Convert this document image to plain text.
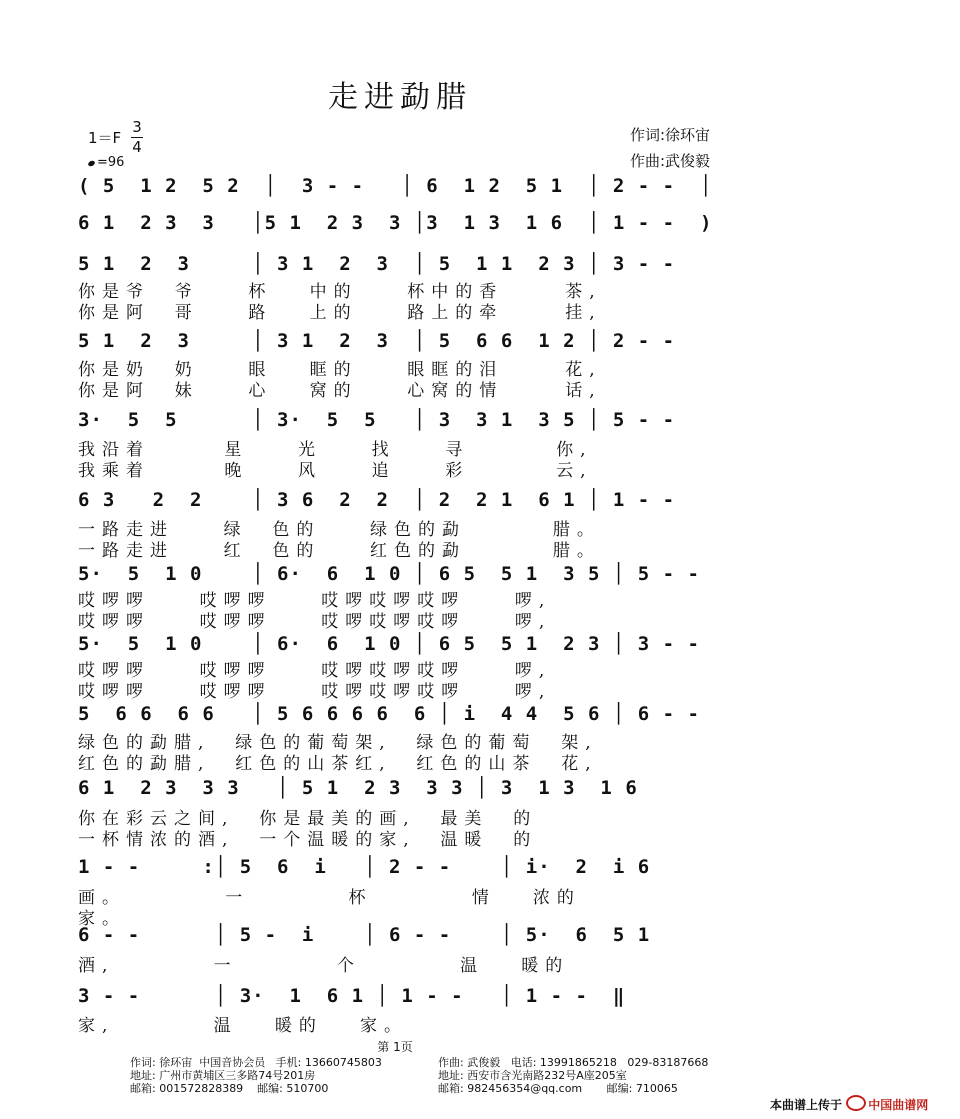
走进勐腊
1＝F
3
4
=96
作词:徐环宙
作曲:武俊毅
( 5  1 2  5 2  │  3 - -   │ 6  1 2  5 1  │ 2 - -  │
6 1  2 3  3   │5 1  2 3  3 │3  1 3  1 6  │ 1 - -  )
5 1  2  3     │ 3 1  2  3  │ 5  1 1  2 3 │ 3 - -
你是爷  爷    杯   中的    杯中的香     茶,
你是阿  哥    路   上的    路上的牵     挂,
5 1  2  3     │ 3 1  2  3  │ 5  6 6  1 2 │ 2 - -
你是奶  奶    眼   眶的    眼眶的泪     花,
你是阿  妹    心   窝的    心窝的情     话,
3·  5  5      │ 3·  5  5   │ 3  3 1  3 5 │ 5 - -
我沿着      星    光    找    寻       你,
我乘着      晚    风    追    彩       云,
6 3   2  2    │ 3 6  2  2  │ 2  2 1  6 1 │ 1 - -
一路走进    绿  色的    绿色的勐       腊。
一路走进    红  色的    红色的勐       腊。
5·  5  1 0    │ 6·  6  1 0 │ 6 5  5 1  3 5 │ 5 - -
哎啰啰    哎啰啰    哎啰哎啰哎啰    啰,
哎啰啰    哎啰啰    哎啰哎啰哎啰    啰,
5·  5  1 0    │ 6·  6  1 0 │ 6 5  5 1  2 3 │ 3 - -
哎啰啰    哎啰啰    哎啰哎啰哎啰    啰,
哎啰啰    哎啰啰    哎啰哎啰哎啰    啰,
5  6 6  6 6   │ 5 6 6 6 6  6 │ i  4 4  5 6 │ 6 - -
绿色的勐腊,  绿色的葡萄架,  绿色的葡萄  架,
红色的勐腊,  红色的山茶红,  红色的山茶  花,
6 1  2 3  3 3   │ 5 1  2 3  3 3 │ 3  1 3  1 6
你在彩云之间,  你是最美的画,  最美  的
一杯情浓的酒,  一个温暖的家,  温暖  的
1 - -     :│ 5  6  i   │ 2 - -    │ i·  2  i 6
画。        一        杯        情   浓的
家。
6 - -      │ 5 -  i    │ 6 - -    │ 5·  6  5 1
酒,        一        个        温   暖的
3 - -      │ 3·  1  6 1 │ 1 - -   │ 1 - -  ‖
家,        温   暖的   家。
第 1页
作词: 徐环宙  中国音协会员   手机: 13660745803
地址: 广州市黄埔区三多路74号201房
邮箱: 001572828389    邮编: 510700
作曲: 武俊毅   电话: 13991865218   029-83187668
地址: 西安市含光南路232号A座205室
邮箱: 982456354@qq.com       邮编: 710065
本曲谱上传于 中国曲谱网
